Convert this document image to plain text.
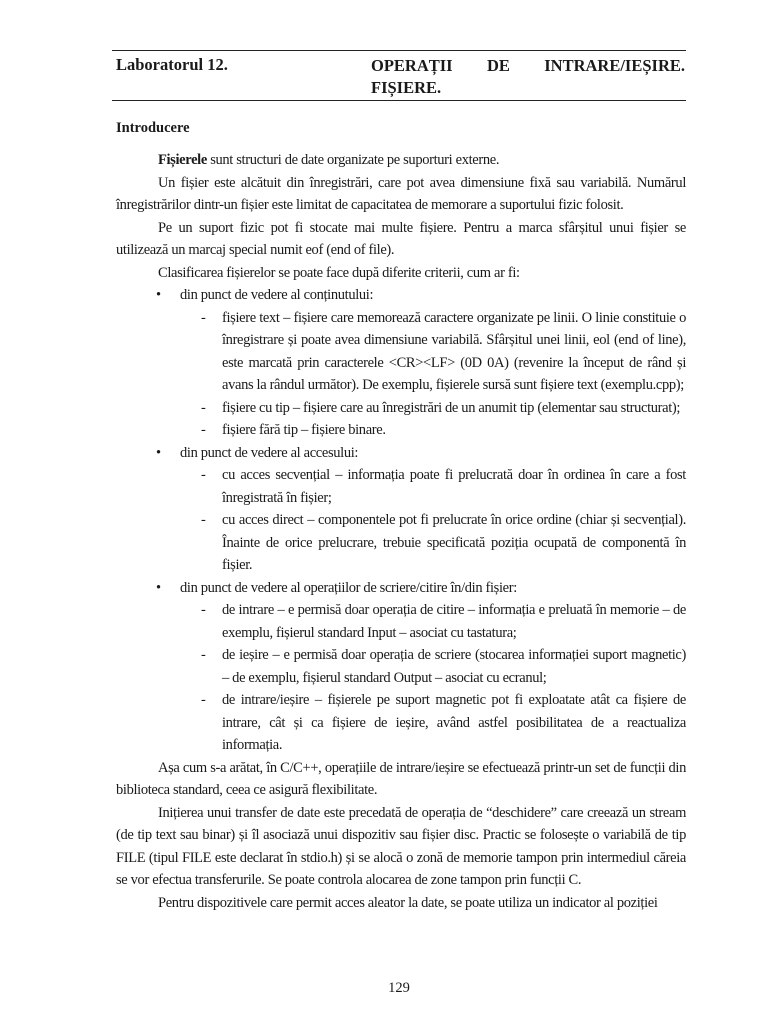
Laboratorul 12.	OPERAȚII DE INTRARE/IEȘIRE.
FIȘIERE.
Introducere

Fișierele sunt structuri de date organizate pe suporturi externe.

Un fișier este alcătuit din înregistrări, care pot avea dimensiune fixă sau variabilă. Numărul înregistrărilor dintr-un fișier este limitat de capacitatea de memorare a suportului fizic folosit.

Pe un suport fizic pot fi stocate mai multe fișiere. Pentru a marca sfârșitul unui fișier se utilizează un marcaj special numit eof (end of file).

Clasificarea fișierelor se poate face după diferite criterii, cum ar fi:

• din punct de vedere al conținutului:

- fișiere text – fișiere care memorează caractere organizate pe linii. O linie constituie o înregistrare și poate avea dimensiune variabilă. Sfârșitul unei linii, eol (end of line), este marcată prin caracterele <CR><LF> (0D 0A) (revenire la început de rând și avans la rândul următor). De exemplu, fișierele sursă sunt fișiere text (exemplu.cpp);

- fișiere cu tip – fișiere care au înregistrări de un anumit tip (elementar sau structurat);

- fișiere fără tip – fișiere binare.

• din punct de vedere al accesului:

- cu acces secvențial – informația poate fi prelucrată doar în ordinea în care a fost înregistrată în fișier;

- cu acces direct – componentele pot fi prelucrate în orice ordine (chiar și secvențial). Înainte de orice prelucrare, trebuie specificată poziția ocupată de componentă în fișier.

• din punct de vedere al operațiilor de scriere/citire în/din fișier:

- de intrare – e permisă doar operația de citire – informația e preluată în memorie – de exemplu, fișierul standard Input – asociat cu tastatura;

- de ieșire – e permisă doar operația de scriere (stocarea informației suport magnetic) – de exemplu, fișierul standard Output – asociat cu ecranul;

- de intrare/ieșire – fișierele pe suport magnetic pot fi exploatate atât ca fișiere de intrare, cât și ca fișiere de ieșire, având astfel posibilitatea de a reactualiza informația.

Așa cum s-a arătat, în C/C++, operațiile de intrare/ieșire se efectuează printr-un set de funcții din biblioteca standard, ceea ce asigură flexibilitate.

Inițierea unui transfer de date este precedată de operația de “deschidere” care creează un stream (de tip text sau binar) și îl asociază unui dispozitiv sau fișier disc. Practic se folosește o variabilă de tip FILE (tipul FILE este declarat în stdio.h) și se alocă o zonă de memorie tampon prin intermediul căreia se vor efectua transferurile. Se poate controla alocarea de zone tampon prin funcții C.

Pentru dispozitivele care permit acces aleator la date, se poate utiliza un indicator al poziției

129
